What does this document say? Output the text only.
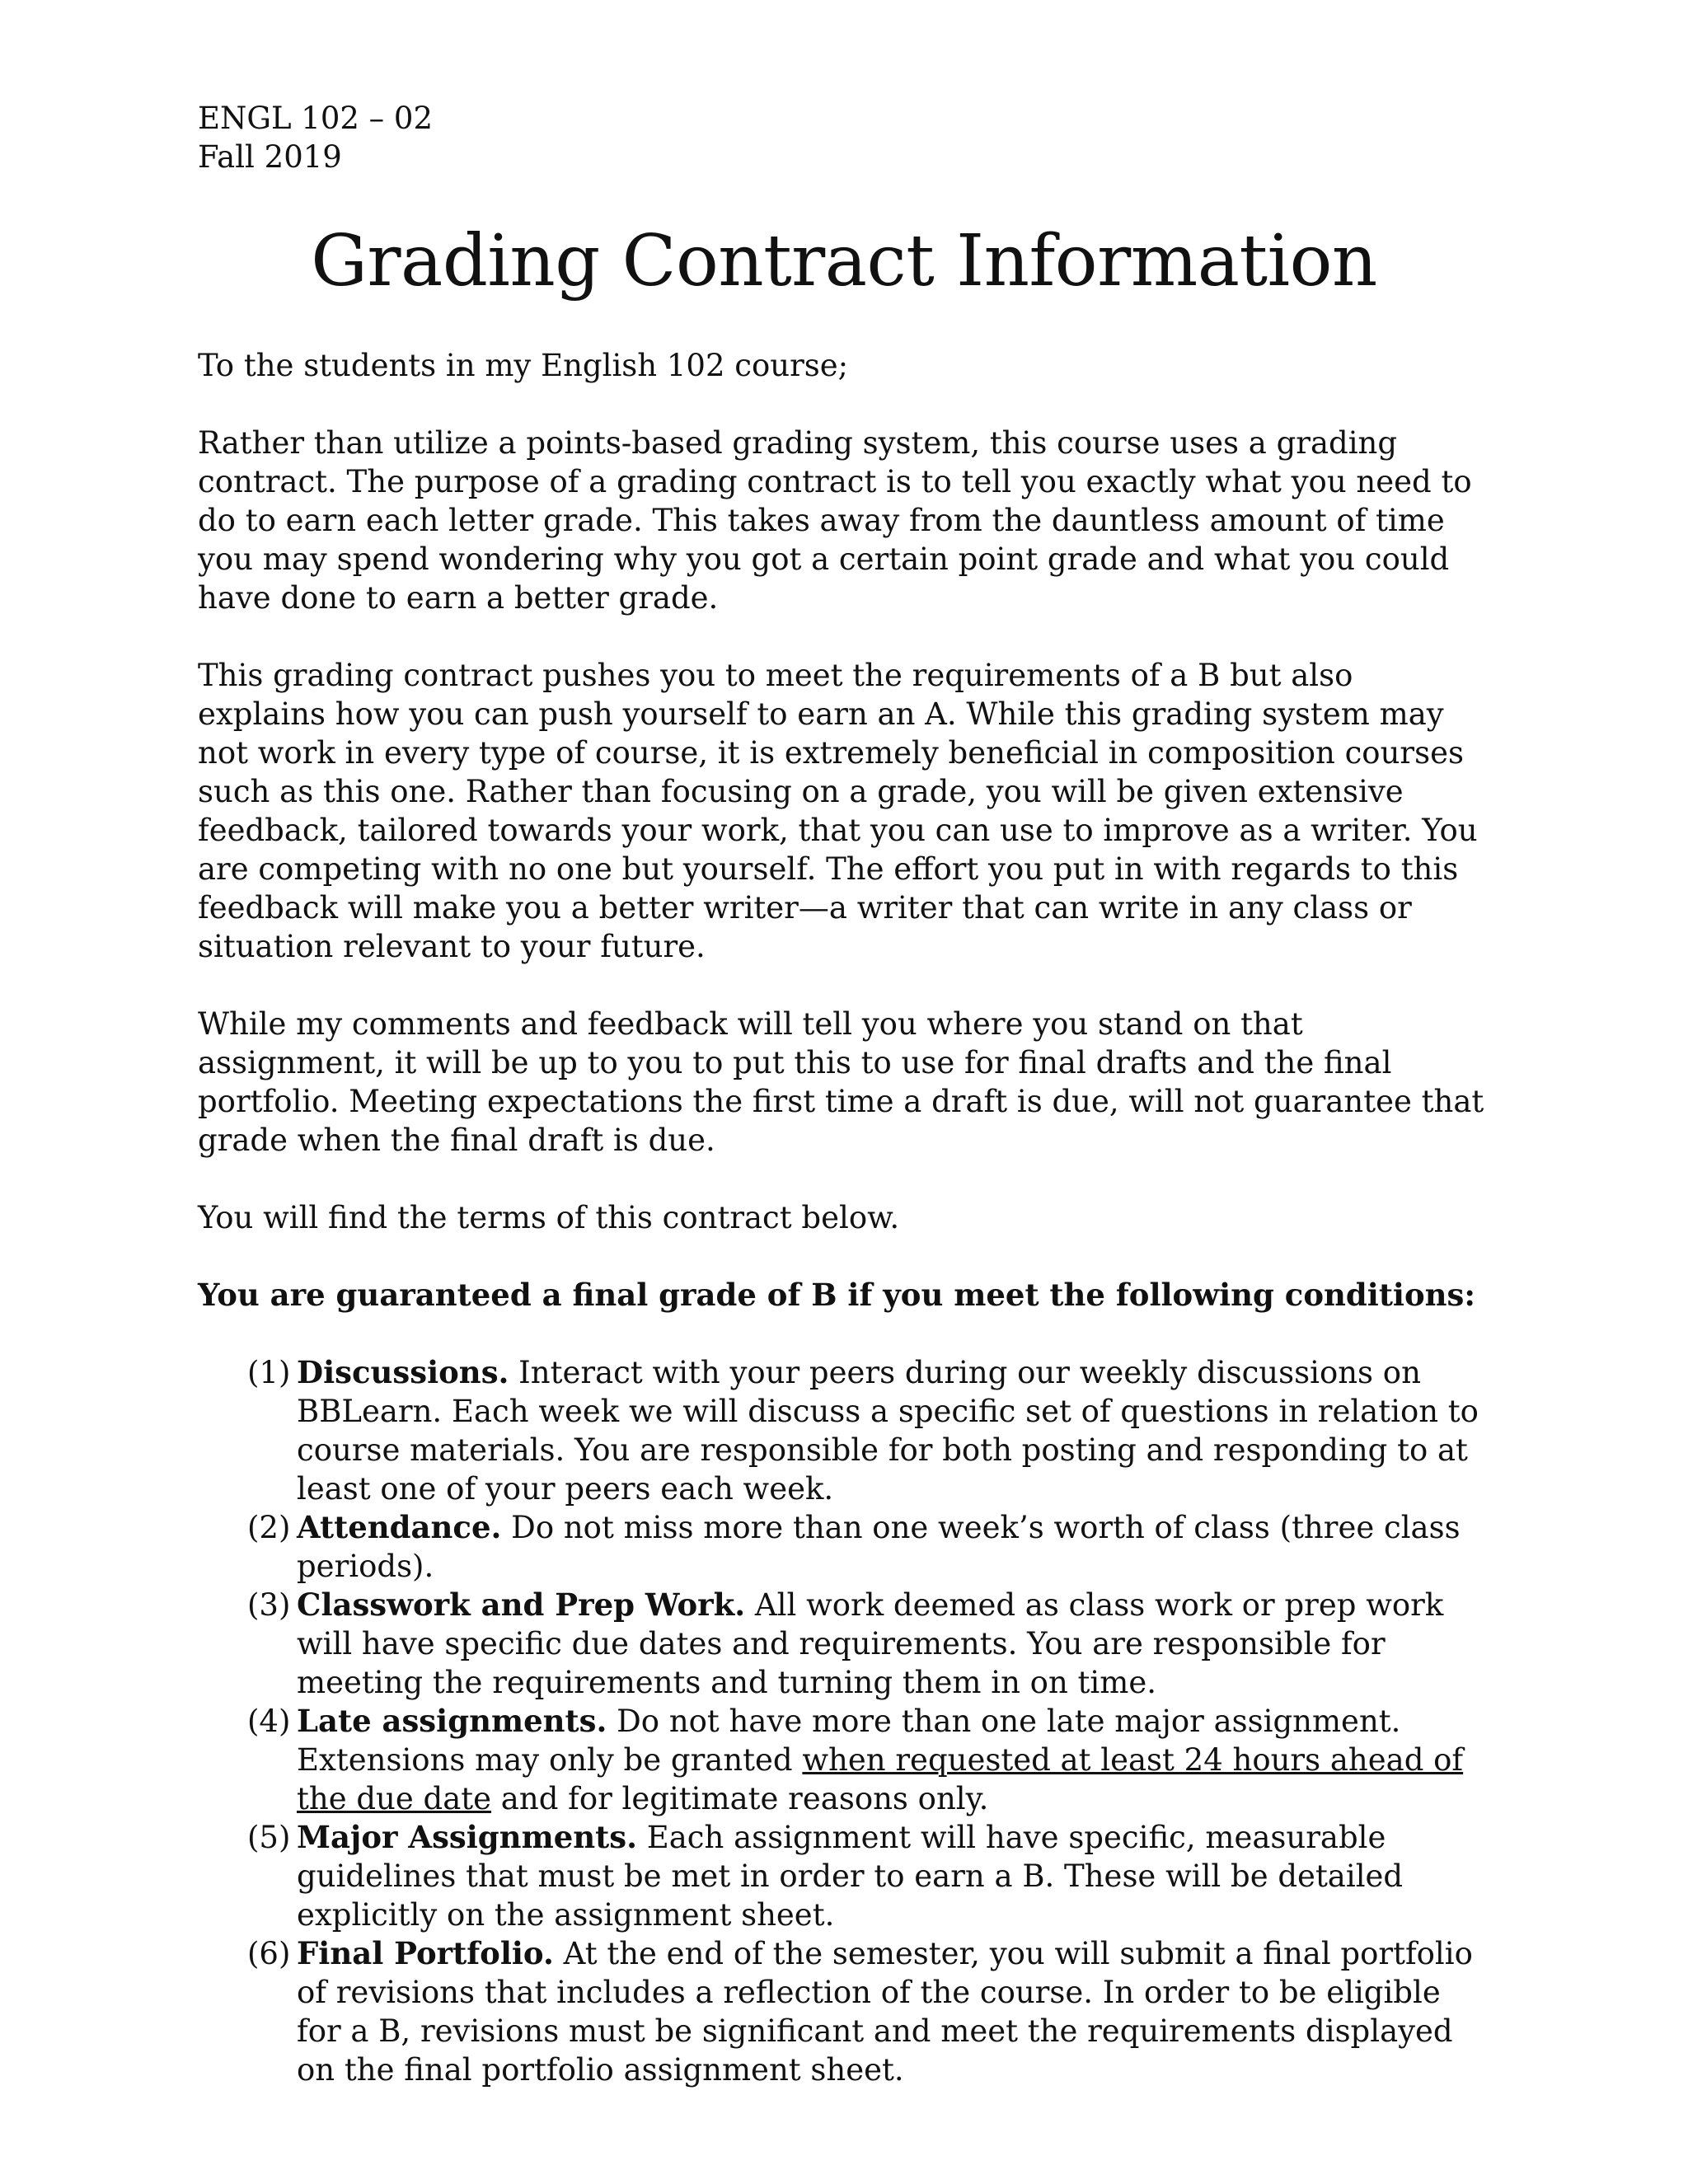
ENGL 102 – 02
Fall 2019
Grading Contract Information

To the students in my English 102 course;

Rather than utilize a points-based grading system, this course uses a grading contract. The purpose of a grading contract is to tell you exactly what you need to do to earn each letter grade. This takes away from the dauntless amount of time you may spend wondering why you got a certain point grade and what you could have done to earn a better grade.

This grading contract pushes you to meet the requirements of a B but also explains how you can push yourself to earn an A. While this grading system may not work in every type of course, it is extremely beneficial in composition courses such as this one. Rather than focusing on a grade, you will be given extensive feedback, tailored towards your work, that you can use to improve as a writer. You are competing with no one but yourself. The effort you put in with regards to this feedback will make you a better writer—a writer that can write in any class or situation relevant to your future.

While my comments and feedback will tell you where you stand on that assignment, it will be up to you to put this to use for final drafts and the final portfolio. Meeting expectations the first time a draft is due, will not guarantee that grade when the final draft is due.

You will find the terms of this contract below.

You are guaranteed a final grade of B if you meet the following conditions:

(1) Discussions. Interact with your peers during our weekly discussions on BBLearn. Each week we will discuss a specific set of questions in relation to course materials. You are responsible for both posting and responding to at least one of your peers each week.
(2) Attendance. Do not miss more than one week’s worth of class (three class periods).
(3) Classwork and Prep Work. All work deemed as class work or prep work will have specific due dates and requirements. You are responsible for meeting the requirements and turning them in on time.
(4) Late assignments. Do not have more than one late major assignment. Extensions may only be granted when requested at least 24 hours ahead of the due date and for legitimate reasons only.
(5) Major Assignments. Each assignment will have specific, measurable guidelines that must be met in order to earn a B. These will be detailed explicitly on the assignment sheet.
(6) Final Portfolio. At the end of the semester, you will submit a final portfolio of revisions that includes a reflection of the course. In order to be eligible for a B, revisions must be significant and meet the requirements displayed on the final portfolio assignment sheet.
